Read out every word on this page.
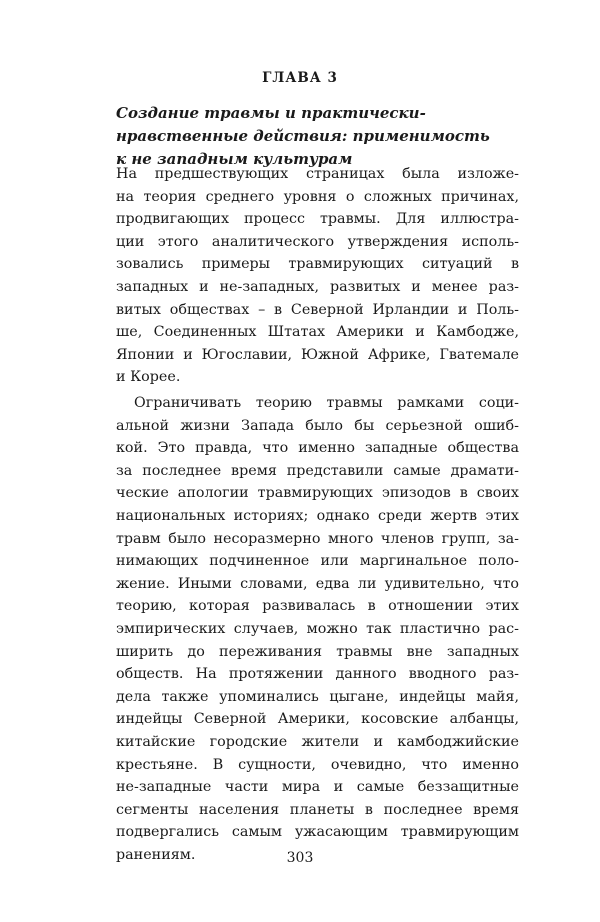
ГЛАВА 3
Создание травмы и практически-
нравственные действия: применимость
к не западным культурам
На предшествующих страницах была изложе-
на теория среднего уровня о сложных причинах,
продвигающих процесс травмы. Для иллюстра-
ции этого аналитического утверждения исполь-
зовались примеры травмирующих ситуаций в
западных и не-западных, развитых и менее раз-
витых обществах – в Северной Ирландии и Поль-
ше, Соединенных Штатах Америки и Камбодже,
Японии и Югославии, Южной Африке, Гватемале
и Корее.
Ограничивать теорию травмы рамками соци-
альной жизни Запада было бы серьезной ошиб-
кой. Это правда, что именно западные общества
за последнее время представили самые драмати-
ческие апологии травмирующих эпизодов в своих
национальных историях; однако среди жертв этих
травм было несоразмерно много членов групп, за-
нимающих подчиненное или маргинальное поло-
жение. Иными словами, едва ли удивительно, что
теорию, которая развивалась в отношении этих
эмпирических случаев, можно так пластично рас-
ширить до переживания травмы вне западных
обществ. На протяжении данного вводного раз-
дела также упоминались цыгане, индейцы майя,
индейцы Северной Америки, косовские албанцы,
китайские городские жители и камбоджийские
крестьяне. В сущности, очевидно, что именно
не-западные части мира и самые беззащитные
сегменты населения планеты в последнее время
подвергались самым ужасающим травмирующим
ранениям.	303
